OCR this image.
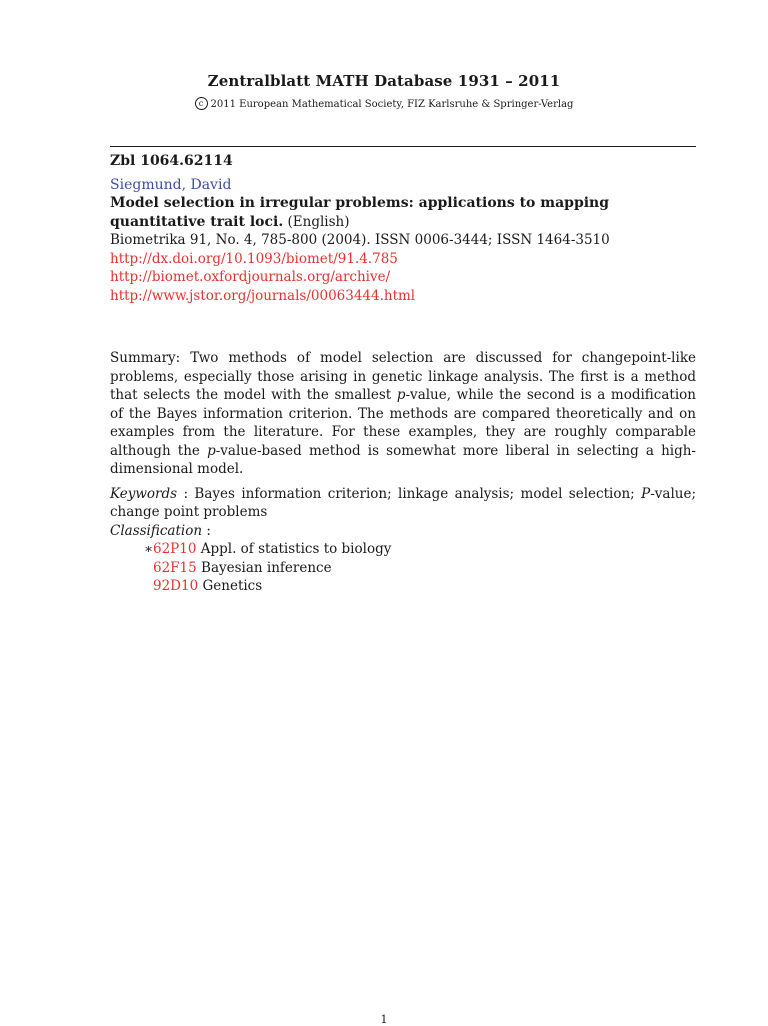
Zentralblatt MATH Database 1931 – 2011
c 2011 European Mathematical Society, FIZ Karlsruhe & Springer-Verlag
Zbl 1064.62114
Siegmund, David
Model selection in irregular problems: applications to mapping quantitative trait loci. (English)
Biometrika 91, No. 4, 785-800 (2004). ISSN 0006-3444; ISSN 1464-3510
http://dx.doi.org/10.1093/biomet/91.4.785
http://biomet.oxfordjournals.org/archive/
http://www.jstor.org/journals/00063444.html

Summary: Two methods of model selection are discussed for changepoint-like problems, especially those arising in genetic linkage analysis. The first is a method that selects the model with the smallest p-value, while the second is a modification of the Bayes information criterion. The methods are compared theoretically and on examples from the literature. For these examples, they are roughly comparable although the p-value-based method is somewhat more liberal in selecting a high-dimensional model.

Keywords : Bayes information criterion; linkage analysis; model selection; P-value; change point problems
Classification :
∗ 62P10 Appl. of statistics to biology
62F15 Bayesian inference
92D10 Genetics
1
